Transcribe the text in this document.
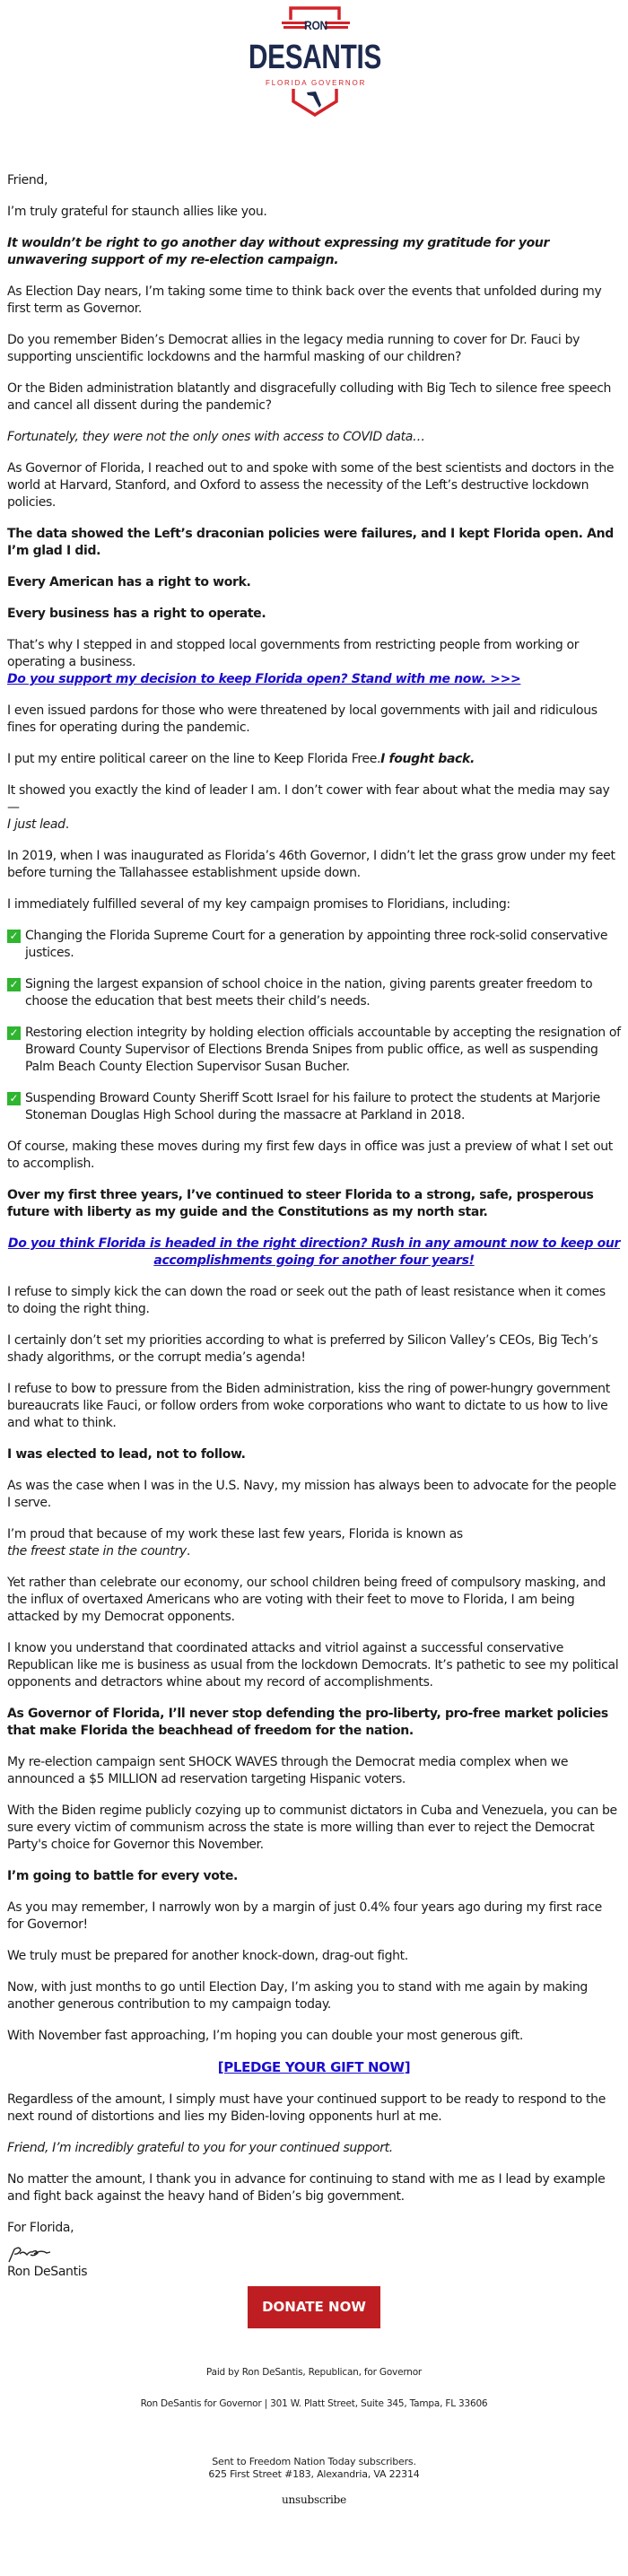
RON
DESANTIS
FLORIDA GOVERNOR

Friend,

I’m truly grateful for staunch allies like you.

It wouldn’t be right to go another day without expressing my gratitude for your unwavering support of my re-election campaign.

As Election Day nears, I’m taking some time to think back over the events that unfolded during my first term as Governor.

Do you remember Biden’s Democrat allies in the legacy media running to cover for Dr. Fauci by supporting unscientific lockdowns and the harmful masking of our children?

Or the Biden administration blatantly and disgracefully colluding with Big Tech to silence free speech and cancel all dissent during the pandemic?

Fortunately, they were not the only ones with access to COVID data…

As Governor of Florida, I reached out to and spoke with some of the best scientists and doctors in the world at Harvard, Stanford, and Oxford to assess the necessity of the Left’s destructive lockdown policies.

The data showed the Left’s draconian policies were failures, and I kept Florida open. And I’m glad I did.

Every American has a right to work.

Every business has a right to operate.

That’s why I stepped in and stopped local governments from restricting people from working or operating a business.Do you support my decision to keep Florida open? Stand with me now. >>>

I even issued pardons for those who were threatened by local governments with jail and ridiculous fines for operating during the pandemic.

I put my entire political career on the line to Keep Florida Free.I fought back.

It showed you exactly the kind of leader I am. I don’t cower with fear about what the media may say —I just lead.

In 2019, when I was inaugurated as Florida’s 46th Governor, I didn’t let the grass grow under my feet before turning the Tallahassee establishment upside down.

I immediately fulfilled several of my key campaign promises to Floridians, including:

✓ Changing the Florida Supreme Court for a generation by appointing three rock-solid conservative justices.

✓ Signing the largest expansion of school choice in the nation, giving parents greater freedom to choose the education that best meets their child’s needs.

✓ Restoring election integrity by holding election officials accountable by accepting the resignation of Broward County Supervisor of Elections Brenda Snipes from public office, as well as suspending Palm Beach County Election Supervisor Susan Bucher.

✓ Suspending Broward County Sheriff Scott Israel for his failure to protect the students at Marjorie Stoneman Douglas High School during the massacre at Parkland in 2018.

Of course, making these moves during my first few days in office was just a preview of what I set out to accomplish.

Over my first three years, I’ve continued to steer Florida to a strong, safe, prosperous future with liberty as my guide and the Constitutions as my north star.

Do you think Florida is headed in the right direction? Rush in any amount now to keep our accomplishments going for another four years!

I refuse to simply kick the can down the road or seek out the path of least resistance when it comes to doing the right thing.

I certainly don’t set my priorities according to what is preferred by Silicon Valley’s CEOs, Big Tech’s shady algorithms, or the corrupt media’s agenda!

I refuse to bow to pressure from the Biden administration, kiss the ring of power-hungry government bureaucrats like Fauci, or follow orders from woke corporations who want to dictate to us how to live and what to think.

I was elected to lead, not to follow.

As was the case when I was in the U.S. Navy, my mission has always been to advocate for the people I serve.

I’m proud that because of my work these last few years, Florida is known asthe freest state in the country.

Yet rather than celebrate our economy, our school children being freed of compulsory masking, and the influx of overtaxed Americans who are voting with their feet to move to Florida, I am being attacked by my Democrat opponents.

I know you understand that coordinated attacks and vitriol against a successful conservative Republican like me is business as usual from the lockdown Democrats. It’s pathetic to see my political opponents and detractors whine about my record of accomplishments.

As Governor of Florida, I’ll never stop defending the pro-liberty, pro-free market policies that make Florida the beachhead of freedom for the nation.

My re-election campaign sent SHOCK WAVES through the Democrat media complex when we announced a $5 MILLION ad reservation targeting Hispanic voters.

With the Biden regime publicly cozying up to communist dictators in Cuba and Venezuela, you can be sure every victim of communism across the state is more willing than ever to reject the Democrat Party's choice for Governor this November.

I’m going to battle for every vote.

As you may remember, I narrowly won by a margin of just 0.4% four years ago during my first race for Governor!

We truly must be prepared for another knock-down, drag-out fight.

Now, with just months to go until Election Day, I’m asking you to stand with me again by making another generous contribution to my campaign today.

With November fast approaching, I’m hoping you can double your most generous gift.

[PLEDGE YOUR GIFT NOW]

Regardless of the amount, I simply must have your continued support to be ready to respond to the next round of distortions and lies my Biden-loving opponents hurl at me.

Friend, I’m incredibly grateful to you for your continued support.

No matter the amount, I thank you in advance for continuing to stand with me as I lead by example and fight back against the heavy hand of Biden’s big government.

For Florida,

Ron DeSantis
DONATE NOW
Paid by Ron DeSantis, Republican, for Governor
Ron DeSantis for Governor | 301 W. Platt Street, Suite 345, Tampa, FL 33606
Sent to Freedom Nation Today subscribers.
625 First Street #183, Alexandria, VA 22314
unsubscribe
